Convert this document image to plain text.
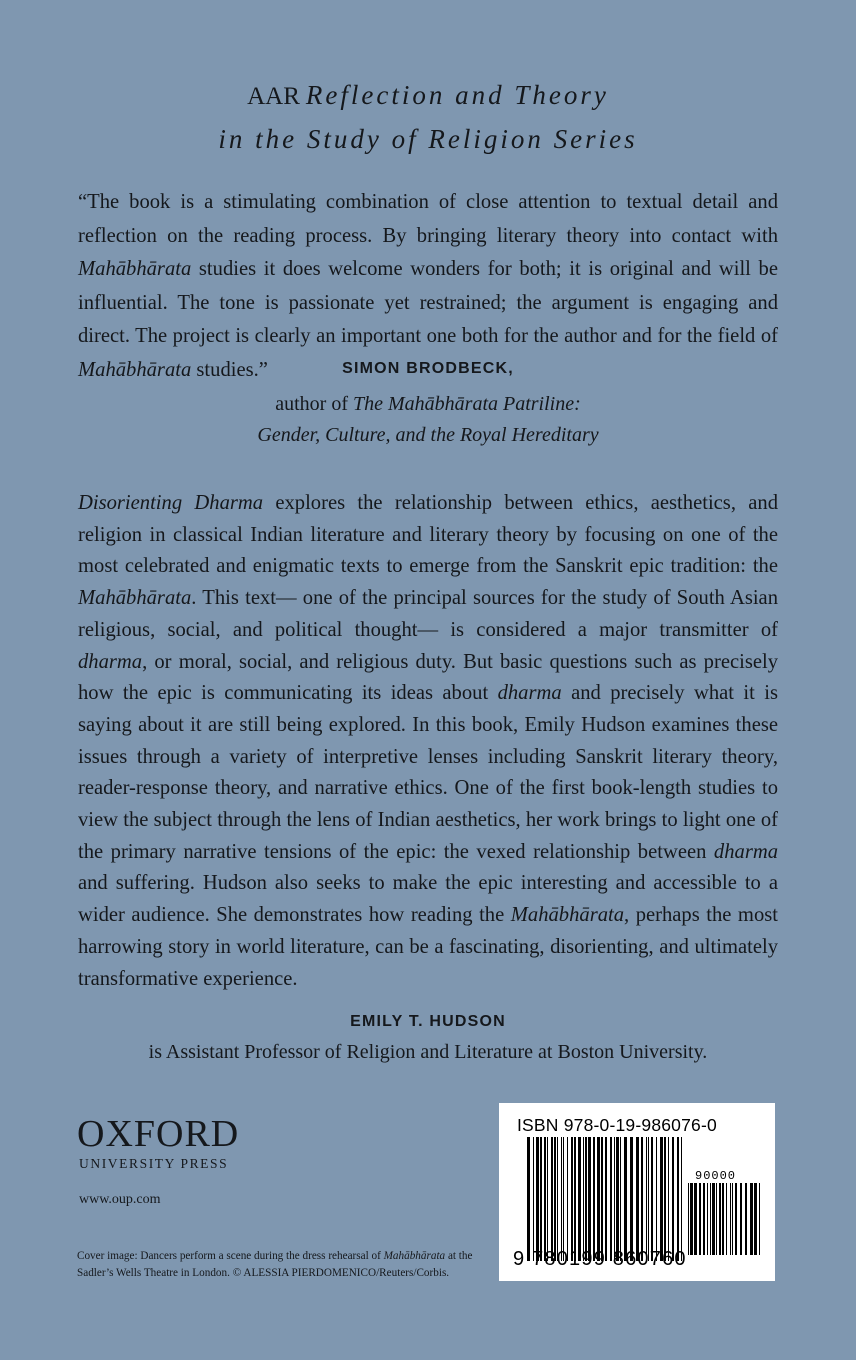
AAR Reflection and Theory
in the Study of Religion Series

“The book is a stimulating combination of close attention to textual detail and reflection on the reading process. By bringing literary theory into contact with Mahābhārata studies it does welcome wonders for both; it is original and will be influential. The tone is passionate yet restrained; the argument is engaging and direct. The project is clearly an important one both for the author and for the field of Mahābhārata studies.”	SIMON BRODBECK,
author of The Mahābhārata Patriline:
Gender, Culture, and the Royal Hereditary

Disorienting Dharma explores the relationship between ethics, aesthetics, and religion in classical Indian literature and literary theory by focusing on one of the most celebrated and enigmatic texts to emerge from the Sanskrit epic tradition: the Mahābhārata. This text— one of the principal sources for the study of South Asian religious, social, and political thought— is considered a major transmitter of dharma, or moral, social, and religious duty. But basic questions such as precisely how the epic is communicating its ideas about dharma and precisely what it is saying about it are still being explored. In this book, Emily Hudson examines these issues through a variety of interpretive lenses including Sanskrit literary theory, reader-response theory, and narrative ethics. One of the first book-length studies to view the subject through the lens of Indian aesthetics, her work brings to light one of the primary narrative tensions of the epic: the vexed relationship between dharma and suffering. Hudson also seeks to make the epic interesting and accessible to a wider audience. She demonstrates how reading the Mahābhārata, perhaps the most harrowing story in world literature, can be a fascinating, disorienting, and ultimately transformative experience.

EMILY T. HUDSON
is Assistant Professor of Religion and Literature at Boston University.
OXFORD
UNIVERSITY PRESS
www.oup.com
Cover image: Dancers perform a scene during the dress rehearsal of Mahābhārata at the Sadler’s Wells Theatre in London. © ALESSIA PIERDOMENICO/Reuters/Corbis.
ISBN 978-0-19-986076-0
90000
9 780199 860760
